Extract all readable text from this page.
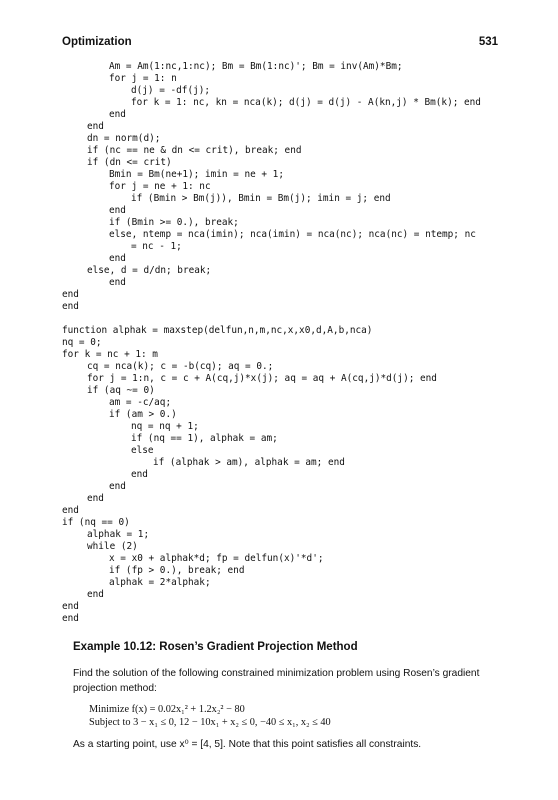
Optimization	531
Am = Am(1:nc,1:nc); Bm = Bm(1:nc)'; Bm = inv(Am)*Bm;
for j = 1: n
d(j) = -df(j);
for k = 1: nc, kn = nca(k); d(j) = d(j) - A(kn,j) * Bm(k); end
end
end
dn = norm(d);
if (nc == ne & dn <= crit), break; end
if (dn <= crit)
Bmin = Bm(ne+1); imin = ne + 1;
for j = ne + 1: nc
if (Bmin > Bm(j)), Bmin = Bm(j); imin = j; end
end
if (Bmin >= 0.), break;
else, ntemp = nca(imin); nca(imin) = nca(nc); nca(nc) = ntemp; nc
= nc - 1;
end
else, d = d/dn; break;
end
end
end
function alphak = maxstep(delfun,n,m,nc,x,x0,d,A,b,nca)
nq = 0;
for k = nc + 1: m
cq = nca(k); c = -b(cq); aq = 0.;
for j = 1:n, c = c + A(cq,j)*x(j); aq = aq + A(cq,j)*d(j); end
if (aq ~= 0)
am = -c/aq;
if (am > 0.)
nq = nq + 1;
if (nq == 1), alphak = am;
else
if (alphak > am), alphak = am; end
end
end
end
end
if (nq == 0)
alphak = 1;
while (2)
x = x0 + alphak*d; fp = delfun(x)'*d';
if (fp > 0.), break; end
alphak = 2*alphak;
end
end
end
Example 10.12: Rosen’s Gradient Projection Method
Find the solution of the following constrained minimization problem using Rosen’s gradient projection method:
Minimize f(x) = 0.02x₁² + 1.2x₂² − 80
Subject to 3 − x₁ ≤ 0, 12 − 10x₁ + x₂ ≤ 0, −40 ≤ x₁, x₂ ≤ 40
As a starting point, use x⁰ = [4, 5]. Note that this point satisfies all constraints.
